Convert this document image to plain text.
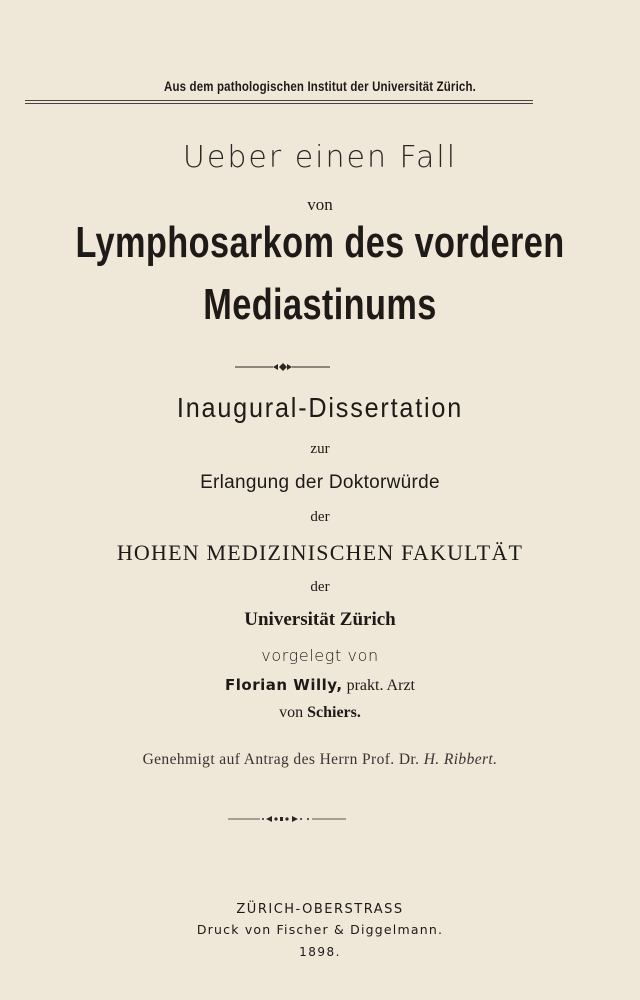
Aus dem pathologischen Institut der Universität Zürich.
Ueber einen Fall
von
Lymphosarkom des vorderen
Mediastinums
Inaugural-Dissertation
zur
Erlangung der Doktorwürde
der
HOHEN MEDIZINISCHEN FAKULTÄT
der
Universität Zürich
vorgelegt von
Florian Willy, prakt. Arzt
von Schiers.
Genehmigt auf Antrag des Herrn Prof. Dr. H. Ribbert.
ZÜRICH-OBERSTRASS
Druck von Fischer & Diggelmann.
1898.
